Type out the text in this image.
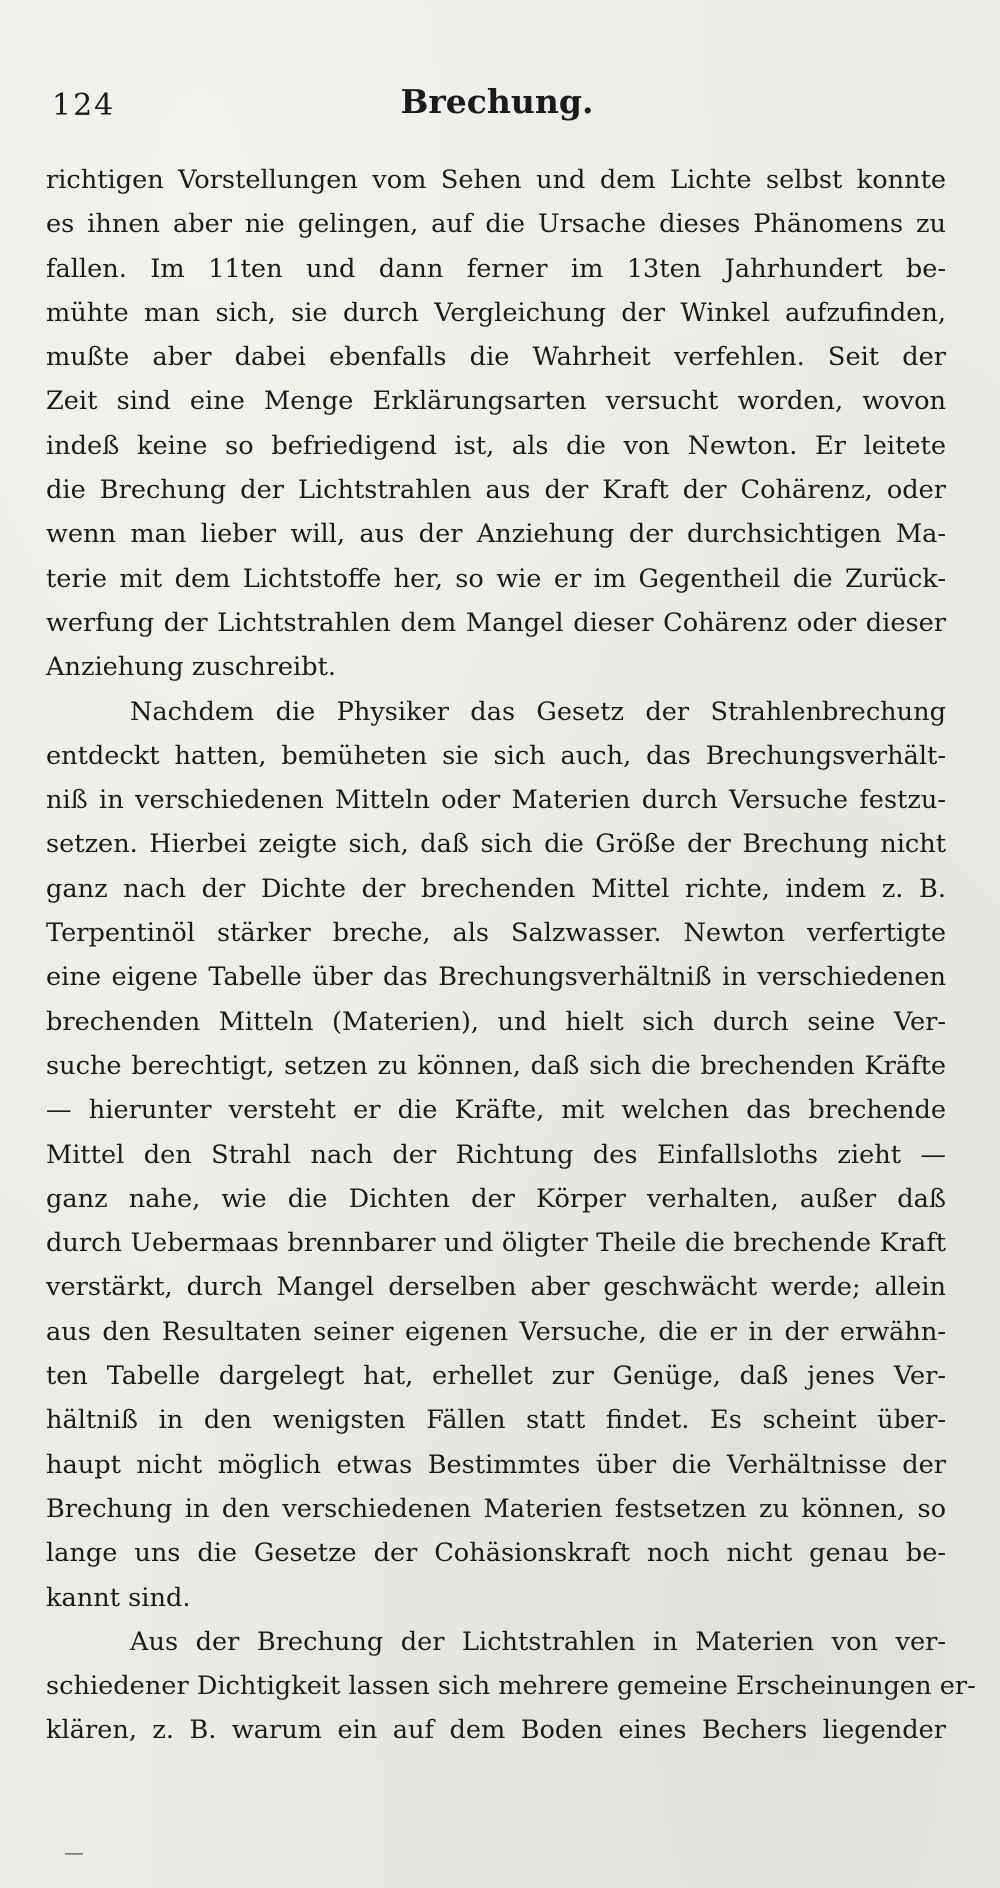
124	Brechung.
richtigen Vorstellungen vom Sehen und dem Lichte selbst konnte
es ihnen aber nie gelingen, auf die Ursache dieses Phänomens zu
fallen. Im 11ten und dann ferner im 13ten Jahrhundert be-
mühte man sich, sie durch Vergleichung der Winkel aufzufinden,
mußte aber dabei ebenfalls die Wahrheit verfehlen. Seit der
Zeit sind eine Menge Erklärungsarten versucht worden, wovon
indeß keine so befriedigend ist, als die von Newton. Er leitete
die Brechung der Lichtstrahlen aus der Kraft der Cohärenz, oder
wenn man lieber will, aus der Anziehung der durchsichtigen Ma-
terie mit dem Lichtstoffe her, so wie er im Gegentheil die Zurück-
werfung der Lichtstrahlen dem Mangel dieser Cohärenz oder dieser
Anziehung zuschreibt.
Nachdem die Physiker das Gesetz der Strahlenbrechung
entdeckt hatten, bemüheten sie sich auch, das Brechungsverhält-
niß in verschiedenen Mitteln oder Materien durch Versuche festzu-
setzen. Hierbei zeigte sich, daß sich die Größe der Brechung nicht
ganz nach der Dichte der brechenden Mittel richte, indem z. B.
Terpentinöl stärker breche, als Salzwasser. Newton verfertigte
eine eigene Tabelle über das Brechungsverhältniß in verschiedenen
brechenden Mitteln (Materien), und hielt sich durch seine Ver-
suche berechtigt, setzen zu können, daß sich die brechenden Kräfte
— hierunter versteht er die Kräfte, mit welchen das brechende
Mittel den Strahl nach der Richtung des Einfallsloths zieht —
ganz nahe, wie die Dichten der Körper verhalten, außer daß
durch Uebermaas brennbarer und öligter Theile die brechende Kraft
verstärkt, durch Mangel derselben aber geschwächt werde; allein
aus den Resultaten seiner eigenen Versuche, die er in der erwähn-
ten Tabelle dargelegt hat, erhellet zur Genüge, daß jenes Ver-
hältniß in den wenigsten Fällen statt findet. Es scheint über-
haupt nicht möglich etwas Bestimmtes über die Verhältnisse der
Brechung in den verschiedenen Materien festsetzen zu können, so
lange uns die Gesetze der Cohäsionskraft noch nicht genau be-
kannt sind.
Aus der Brechung der Lichtstrahlen in Materien von ver-
schiedener Dichtigkeit lassen sich mehrere gemeine Erscheinungen er-
klären, z. B. warum ein auf dem Boden eines Bechers liegender
—
